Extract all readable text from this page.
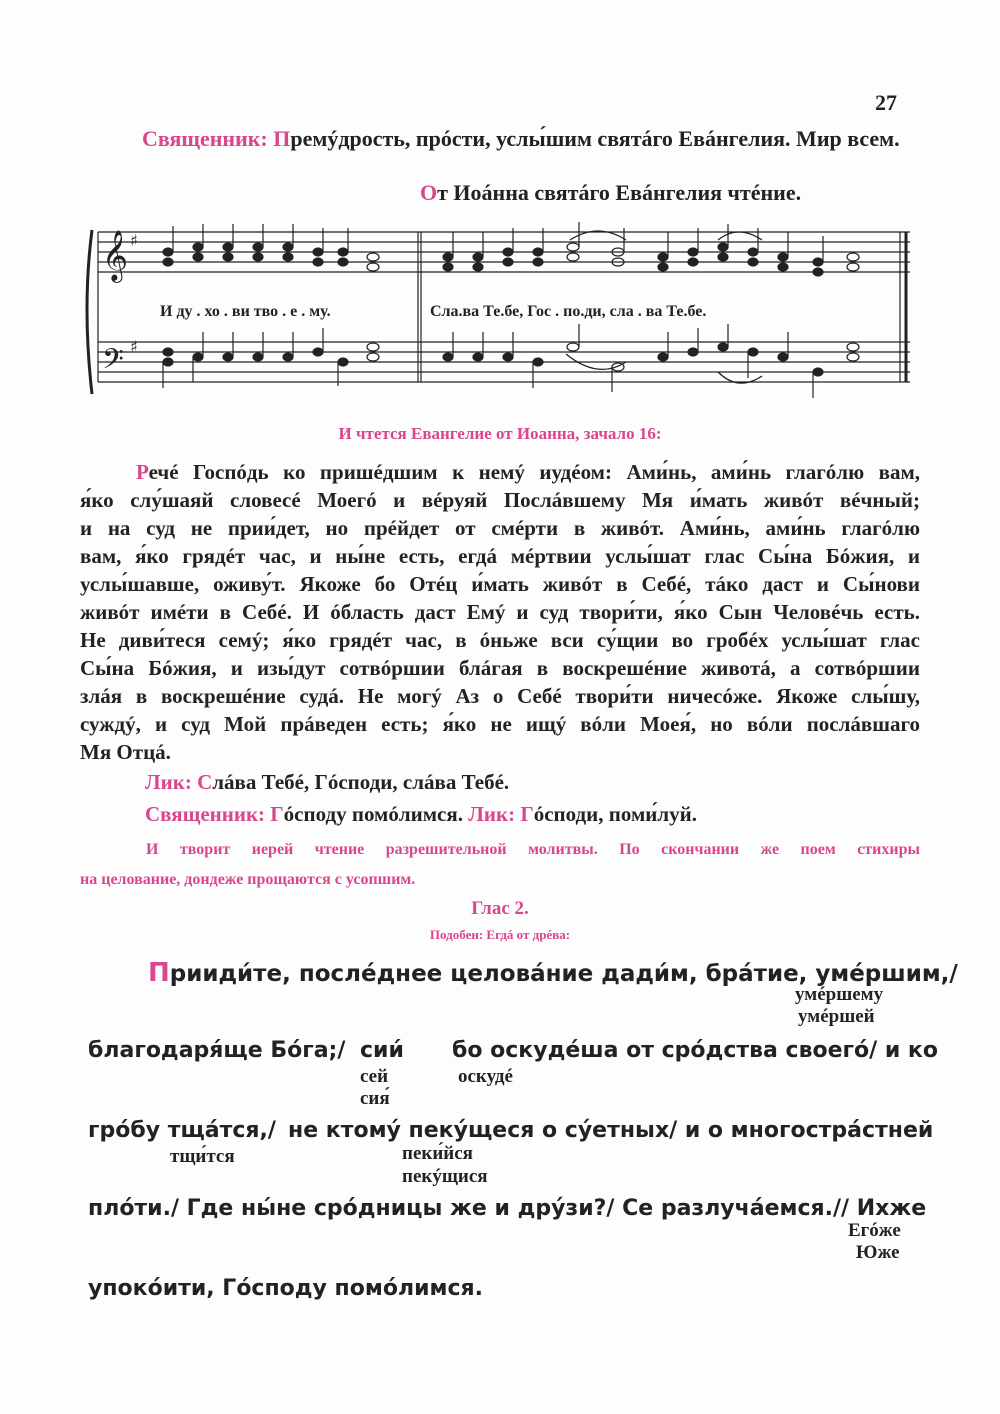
27
Священник: Премýдрость, прóсти, услы́шим святáго Евáнгелия. Мир всем.
От Иоáнна святáго Евáнгелия чтéние.
𝄞
𝄢
♯
♯
И ду . хо . ви тво . е . му.	Сла.ва Те.бе, Гос . по.ди, сла . ва Те.бе.
И чтется Евангелие от Иоанна, зачало 16:
Речé Госпóдь ко пришéдшим к немý иудéом: Ами́нь, ами́нь глагóлю вам,
я́ко слу́шаяй словесé Моегó и вéруяй Послáвшему Мя и́мать живóт вéчный;
и на суд не прии́дет, но прéйдет от смéрти в живóт. Ами́нь, ами́нь глагóлю
вам, я́ко грядéт час, и ны́не есть, егдá мéртвии услы́шат глас Сы́на Бóжия, и
услы́шавше, оживу́т. Якоже бо Отéц и́мать живóт в Себé, тáко даст и Сы́нови
живóт имéти в Себé. И óбласть даст Емý и суд твори́ти, я́ко Сын Человéчь есть.
Не диви́теся семý; я́ко грядéт час, в óньже вси су́щии во гробéх услы́шат глас
Сы́на Бóжия, и изы́дут сотвóршии блáгая в воскрешéние животá, а сотвóршии
злáя в воскрешéние судá. Не могý Аз о Себé твори́ти ничесóже. Якоже слы́шу,
суждý, и суд Мой прáведен есть; я́ко не ищý вóли Моея́, но вóли послáвшаго
Мя Отцá.
Лик: Слáва Тебé, Гóсподи, слáва Тебé.
Священник: Гóсподу помóлимся. Лик: Гóсподи, поми́луй.
И творит иерей чтение разрешительной молитвы. По скончании же поем стихиры
на целование, дондеже прощаются с усопшим.
Глас 2.
Подобен: Егдá от дрéва:
Прииди́те, послéднее целовáние дади́м, брáтие, умéршим,/
умéршему
умéршей
благодаря́ще Бóга;/ сии́ бо оскудéша от срóдства своегó/ и ко
сей
сия́
оскудé
грóбу тщáтся,/ не ктомý пекýщеся о сýетных/ и о многострáстней
тщи́тся	пеки́йся
пекýщися
плóти./ Где ны́не срóдницы же и дрýзи?/ Се разлучáемся.// Ихже
Егóже
Юже
упокóити, Гóсподу помóлимся.
